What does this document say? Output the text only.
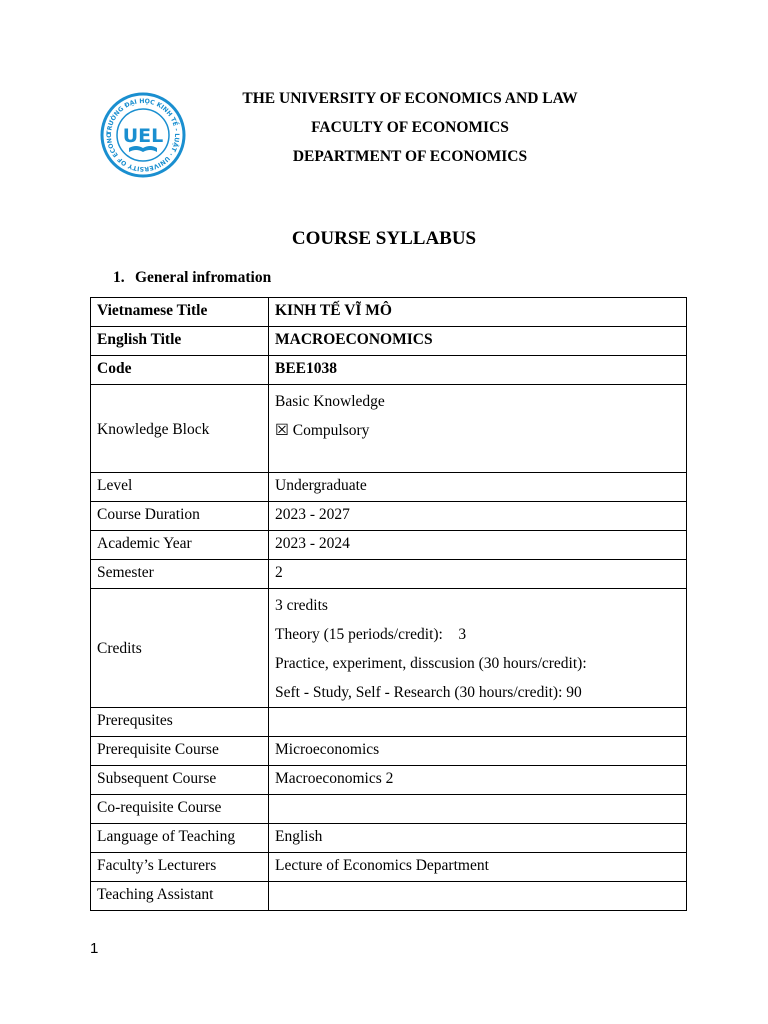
TRƯỜNG ĐẠI HỌC KINH TẾ - LUẬT · UNIVERSITY OF ECONO UEL
THE UNIVERSITY OF ECONOMICS AND LAW
FACULTY OF ECONOMICS
DEPARTMENT OF ECONOMICS
COURSE SYLLABUS
1. General infromation
Vietnamese Title	KINH TẾ VĨ MÔ
English Title	MACROECONOMICS
Code	BEE1038
Knowledge Block	Basic Knowledge
☒ Compulsory

Level	Undergraduate
Course Duration	2023 - 2027
Academic Year	2023 - 2024
Semester	2
Credits	3 credits
Theory (15 periods/credit):    3
Practice, experiment, disscusion (30 hours/credit):
Seft - Study, Self - Research (30 hours/credit): 90

Prerequsites	
Prerequisite Course	Microeconomics
Subsequent Course	Macroeconomics 2
Co-requisite Course	
Language of Teaching	English
Faculty’s Lecturers	Lecture of Economics Department
Teaching Assistant	
1
